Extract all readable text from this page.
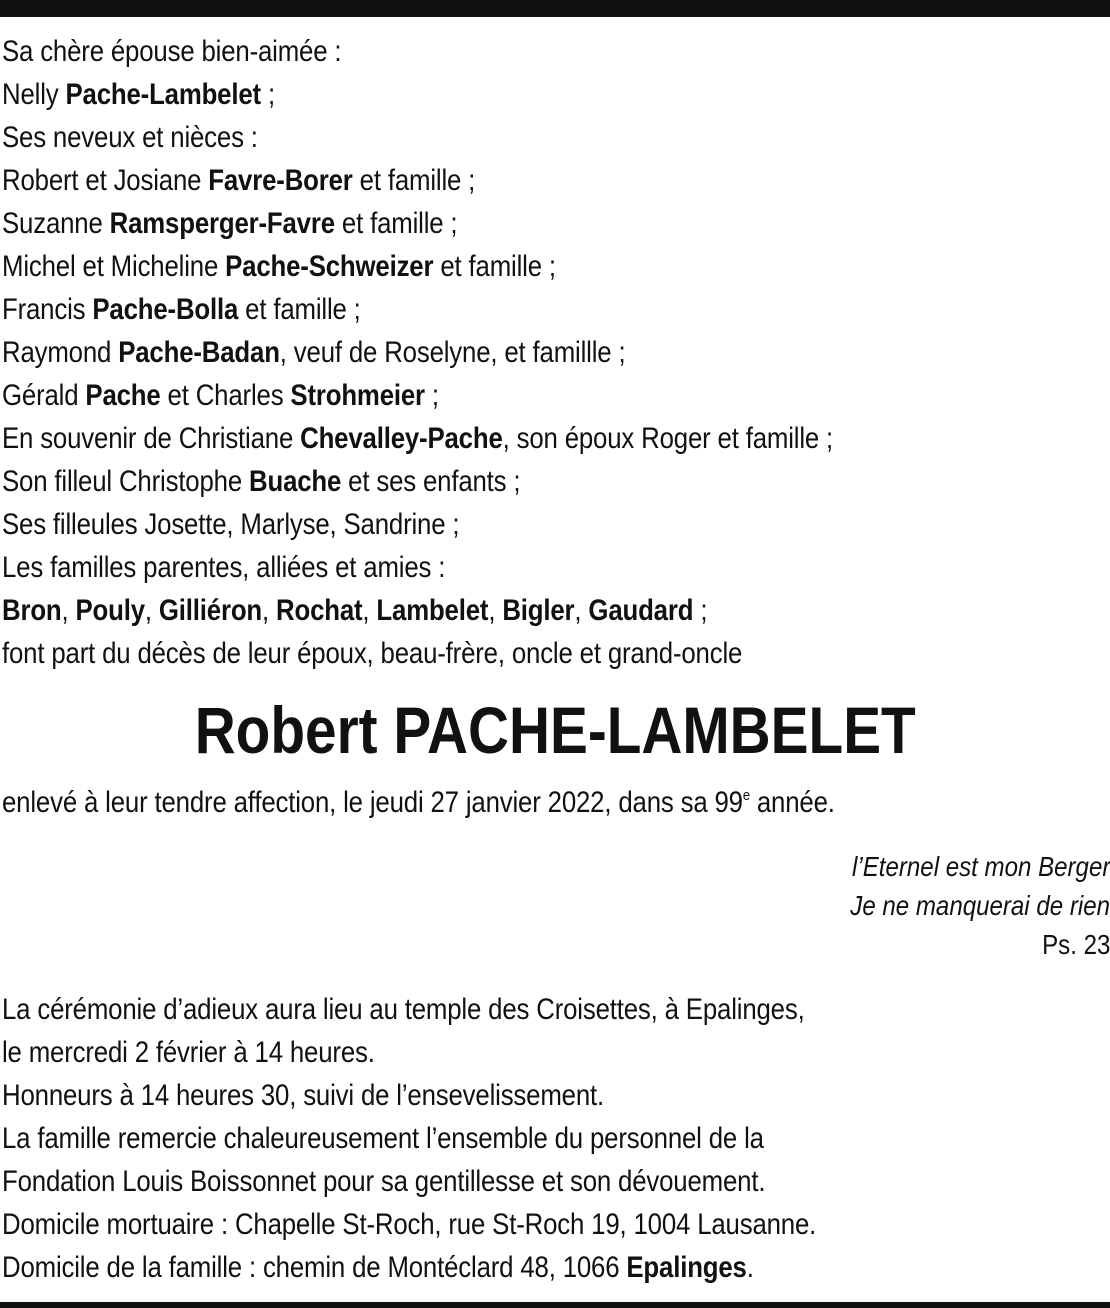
Sa chère épouse bien-aimée :
Nelly Pache-Lambelet ;
Ses neveux et nièces :
Robert et Josiane Favre-Borer et famille ;
Suzanne Ramsperger-Favre et famille ;
Michel et Micheline Pache-Schweizer et famille ;
Francis Pache-Bolla et famille ;
Raymond Pache-Badan, veuf de Roselyne, et famillle ;
Gérald Pache et Charles Strohmeier ;
En souvenir de Christiane Chevalley-Pache, son époux Roger et famille ;
Son filleul Christophe Buache et ses enfants ;
Ses filleules Josette, Marlyse, Sandrine ;
Les familles parentes, alliées et amies :
Bron, Pouly, Gilliéron, Rochat, Lambelet, Bigler, Gaudard ;
font part du décès de leur époux, beau-frère, oncle et grand-oncle
Robert PACHE-LAMBELET
enlevé à leur tendre affection, le jeudi 27 janvier 2022, dans sa 99e année.
l’Eternel est mon Berger
Je ne manquerai de rien
Ps. 23
La cérémonie d’adieux aura lieu au temple des Croisettes, à Epalinges,
le mercredi 2 février à 14 heures.
Honneurs à 14 heures 30, suivi de l’ensevelissement.
La famille remercie chaleureusement l’ensemble du personnel de la
Fondation Louis Boissonnet pour sa gentillesse et son dévouement.
Domicile mortuaire : Chapelle St-Roch, rue St-Roch 19, 1004 Lausanne.
Domicile de la famille : chemin de Montéclard 48, 1066 Epalinges.
